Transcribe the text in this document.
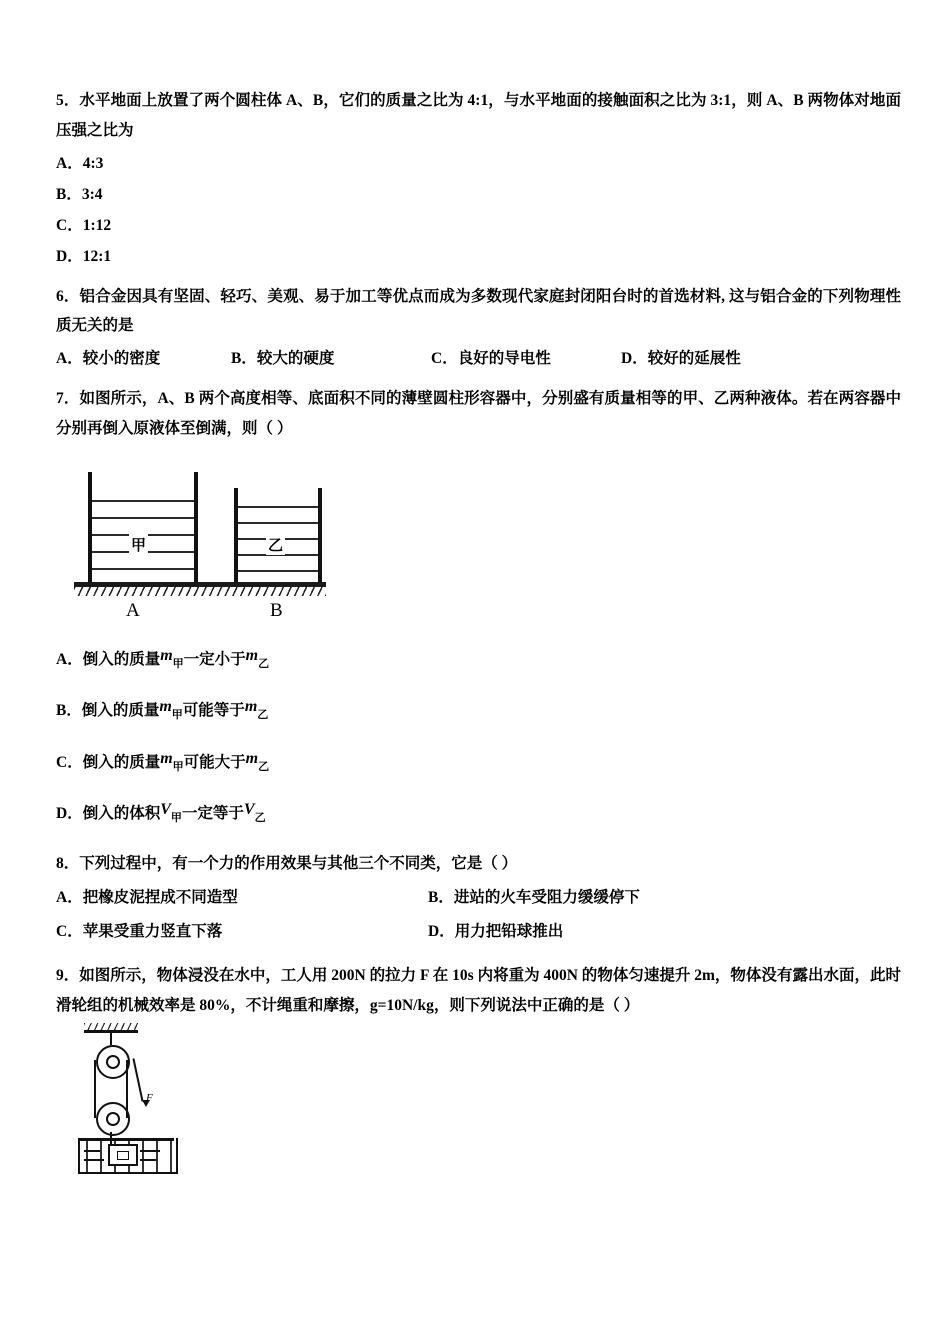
5．水平地面上放置了两个圆柱体 A、B，它们的质量之比为 4:1，与水平地面的接触面积之比为 3:1，则 A、B 两物体对地面压强之比为
A．4:3
B．3:4
C．1:12
D．12:1
6．铝合金因具有坚固、轻巧、美观、易于加工等优点而成为多数现代家庭封闭阳台时的首选材料, 这与铝合金的下列物理性质无关的是
A．较小的密度	B．较大的硬度	C．良好的导电性	D．较好的延展性
7．如图所示，A、B 两个高度相等、底面积不同的薄壁圆柱形容器中，分别盛有质量相等的甲、乙两种液体。若在两容器中分别再倒入原液体至倒满，则（ ）
甲	乙
A	B
A．倒入的质量$m_甲$一定小于$m_乙$
B．倒入的质量$m_甲$可能等于$m_乙$
C．倒入的质量$m_甲$可能大于$m_乙$
D．倒入的体积$V_甲$一定等于$V_乙$
8．下列过程中，有一个力的作用效果与其他三个不同类，它是（ ）
A．把橡皮泥捏成不同造型	B．进站的火车受阻力缓缓停下
C．苹果受重力竖直下落	D．用力把铅球推出
9．如图所示，物体浸没在水中，工人用 200N 的拉力 F 在 10s 内将重为 400N 的物体匀速提升 2m，物体没有露出水面，此时滑轮组的机械效率是 80%，不计绳重和摩擦，g=10N/kg，则下列说法中正确的是（ ）
F
